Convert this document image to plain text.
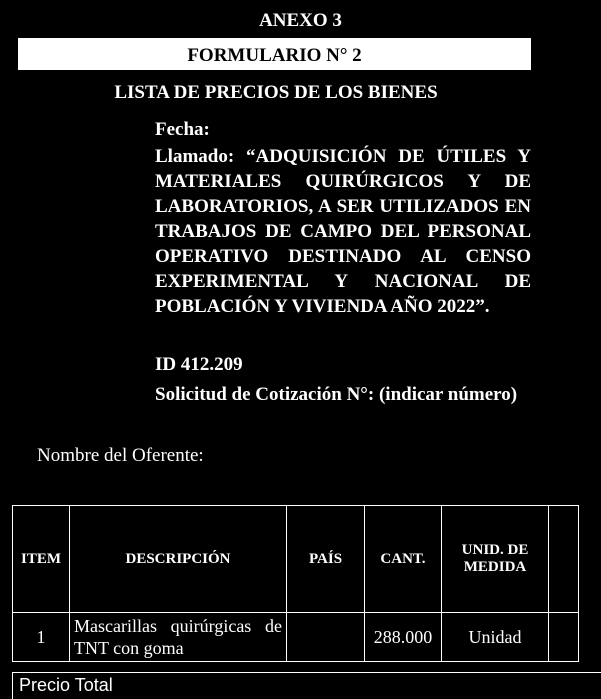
ANEXO 3
FORMULARIO N° 2
LISTA DE PRECIOS DE LOS BIENES
Fecha:
Llamado: “ADQUISICIÓN DE ÚTILES Y MATERIALES QUIRÚRGICOS Y DE LABORATORIOS, A SER UTILIZADOS EN TRABAJOS DE CAMPO DEL PERSONAL OPERATIVO DESTINADO AL CENSO EXPERIMENTAL Y NACIONAL DE POBLACIÓN Y VIVIENDA AÑO 2022”.
ID 412.209
Solicitud de Cotización N°: (indicar número)
Nombre del Oferente:
ITEM	DESCRIPCIÓN	PAÍS	CANT.	UNID. DE MEDIDA	
1	Mascarillas quirúrgicas de TNT con goma		288.000	Unidad	
Precio Total
